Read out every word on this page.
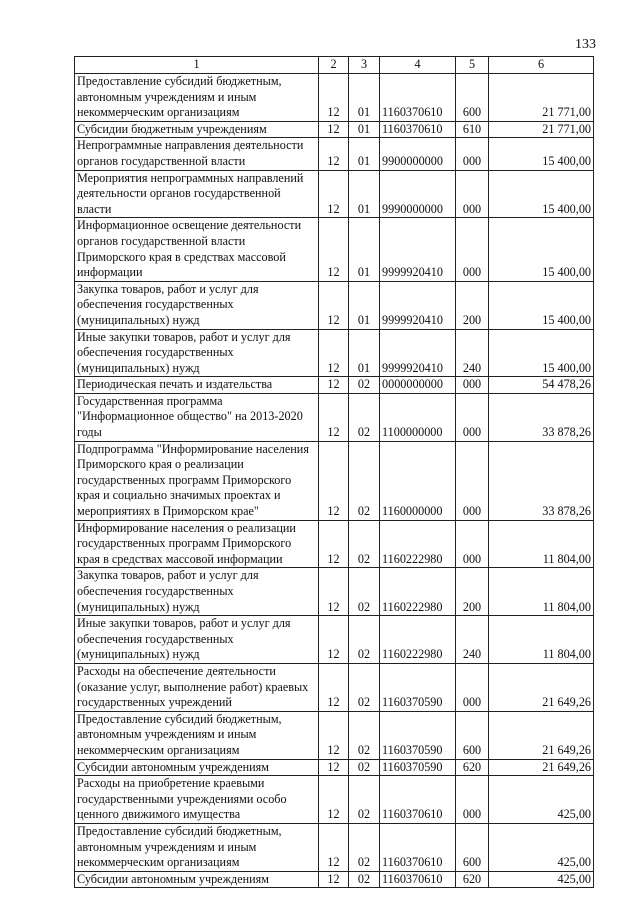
133
1	2	3	4	5	6
Предоставление субсидий бюджетным, автономным учреждениям и иным некоммерческим организациям	12	01	1160370610	600	21 771,00
Субсидии бюджетным учреждениям	12	01	1160370610	610	21 771,00
Непрограммные направления деятельности органов государственной власти	12	01	9900000000	000	15 400,00
Мероприятия непрограммных направлений деятельности органов государственной власти	12	01	9990000000	000	15 400,00
Информационное освещение деятельности органов государственной власти Приморского края в средствах массовой информации	12	01	9999920410	000	15 400,00
Закупка товаров, работ и услуг для обеспечения государственных (муниципальных) нужд	12	01	9999920410	200	15 400,00
Иные закупки товаров, работ и услуг для обеспечения государственных (муниципальных) нужд	12	01	9999920410	240	15 400,00
Периодическая печать и издательства	12	02	0000000000	000	54 478,26
Государственная программа "Информационное общество" на 2013-2020 годы	12	02	1100000000	000	33 878,26
Подпрограмма "Информирование населения Приморского края о реализации государственных программ Приморского края и социально значимых проектах и мероприятиях в Приморском крае"	12	02	1160000000	000	33 878,26
Информирование населения о реализации государственных программ Приморского края в средствах массовой информации	12	02	1160222980	000	11 804,00
Закупка товаров, работ и услуг для обеспечения государственных (муниципальных) нужд	12	02	1160222980	200	11 804,00
Иные закупки товаров, работ и услуг для обеспечения государственных (муниципальных) нужд	12	02	1160222980	240	11 804,00
Расходы на обеспечение деятельности (оказание услуг, выполнение работ) краевых государственных учреждений	12	02	1160370590	000	21 649,26
Предоставление субсидий бюджетным, автономным учреждениям и иным некоммерческим организациям	12	02	1160370590	600	21 649,26
Субсидии автономным учреждениям	12	02	1160370590	620	21 649,26
Расходы на приобретение краевыми государственными учреждениями особо ценного движимого имущества	12	02	1160370610	000	425,00
Предоставление субсидий бюджетным, автономным учреждениям и иным некоммерческим организациям	12	02	1160370610	600	425,00
Субсидии автономным учреждениям	12	02	1160370610	620	425,00
